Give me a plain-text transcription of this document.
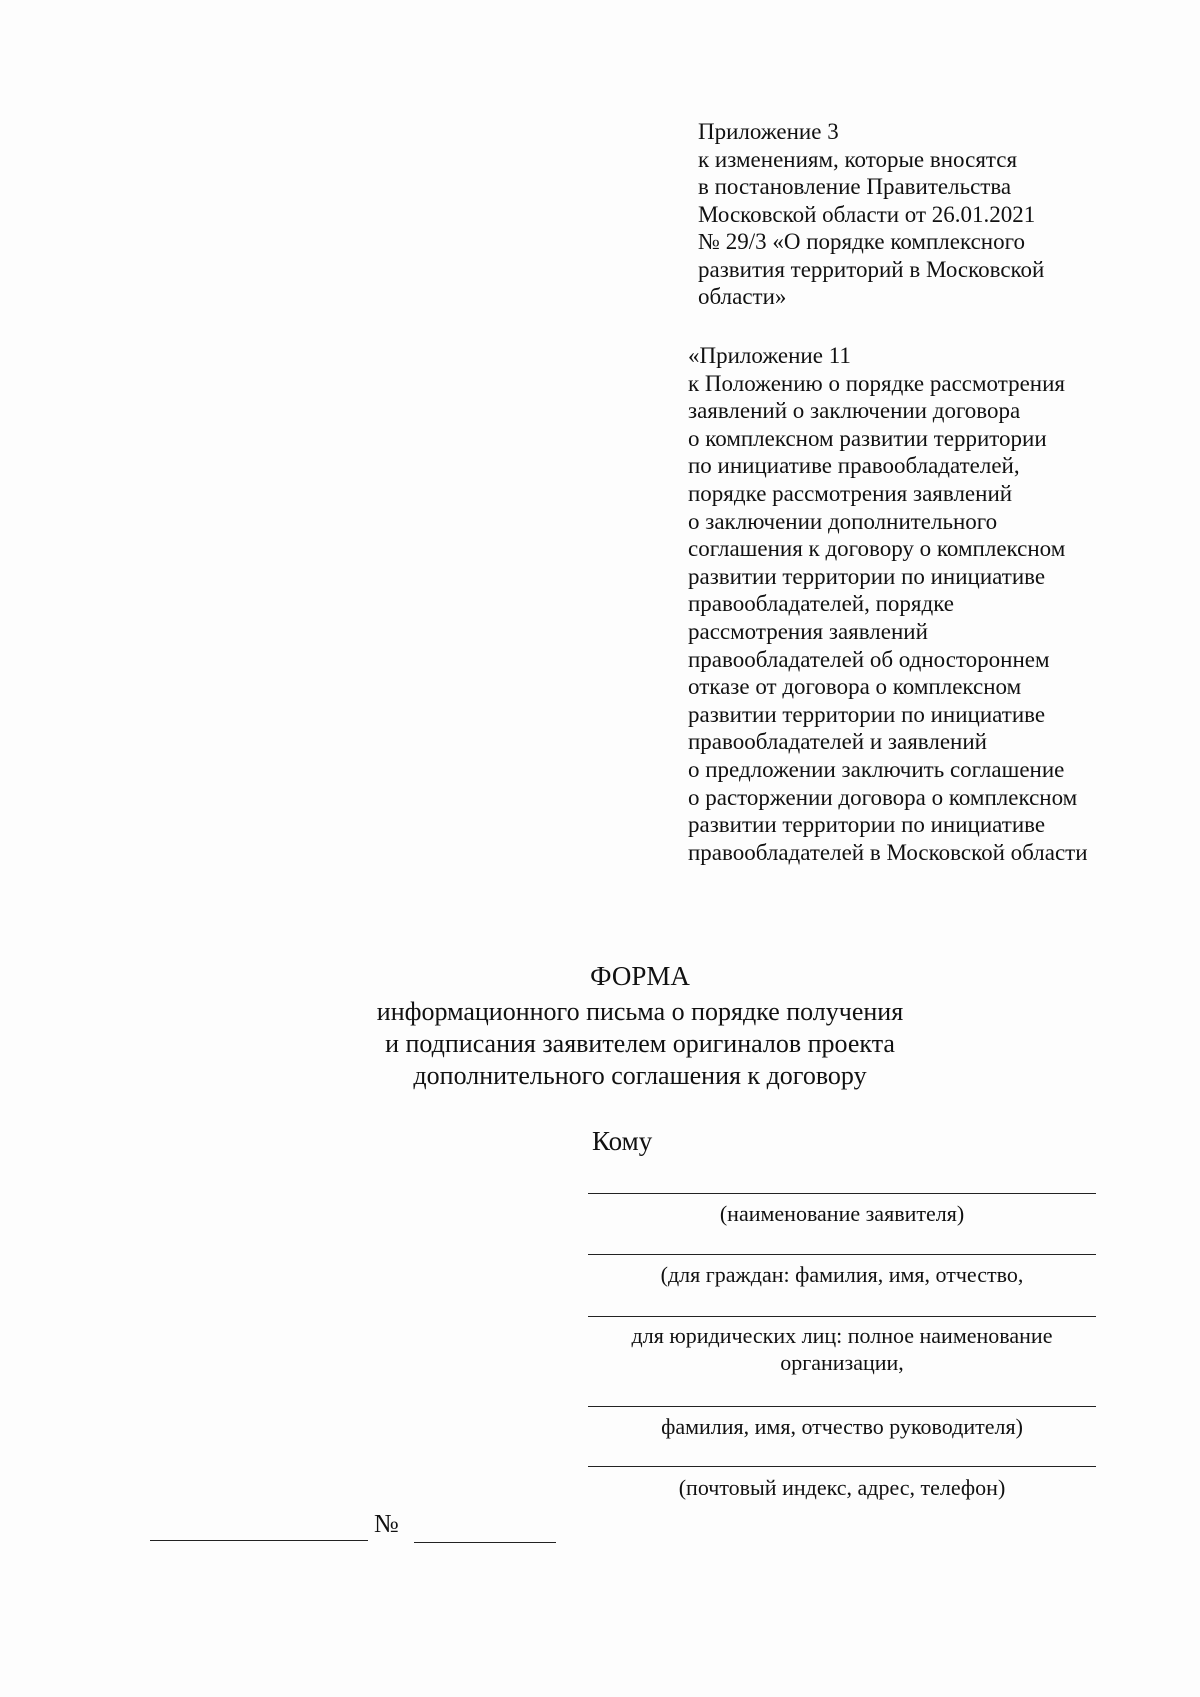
Приложение 3
к изменениям, которые вносятся
в постановление Правительства
Московской области от 26.01.2021
№ 29/3 «О порядке комплексного
развития территорий в Московской
области»
«Приложение 11
к Положению о порядке рассмотрения
заявлений о заключении договора
о комплексном развитии территории
по инициативе правообладателей,
порядке рассмотрения заявлений
о заключении дополнительного
соглашения к договору о комплексном
развитии территории по инициативе
правообладателей, порядке
рассмотрения заявлений
правообладателей об одностороннем
отказе от договора о комплексном
развитии территории по инициативе
правообладателей и заявлений
о предложении заключить соглашение
о расторжении договора о комплексном
развитии территории по инициативе
правообладателей в Московской области
ФОРМА
информационного письма о порядке получения
и подписания заявителем оригиналов проекта
дополнительного соглашения к договору
Кому
(наименование заявителя)
(для граждан: фамилия, имя, отчество,
для юридических лиц: полное наименование
организации,
фамилия, имя, отчество руководителя)
(почтовый индекс, адрес, телефон)
№
